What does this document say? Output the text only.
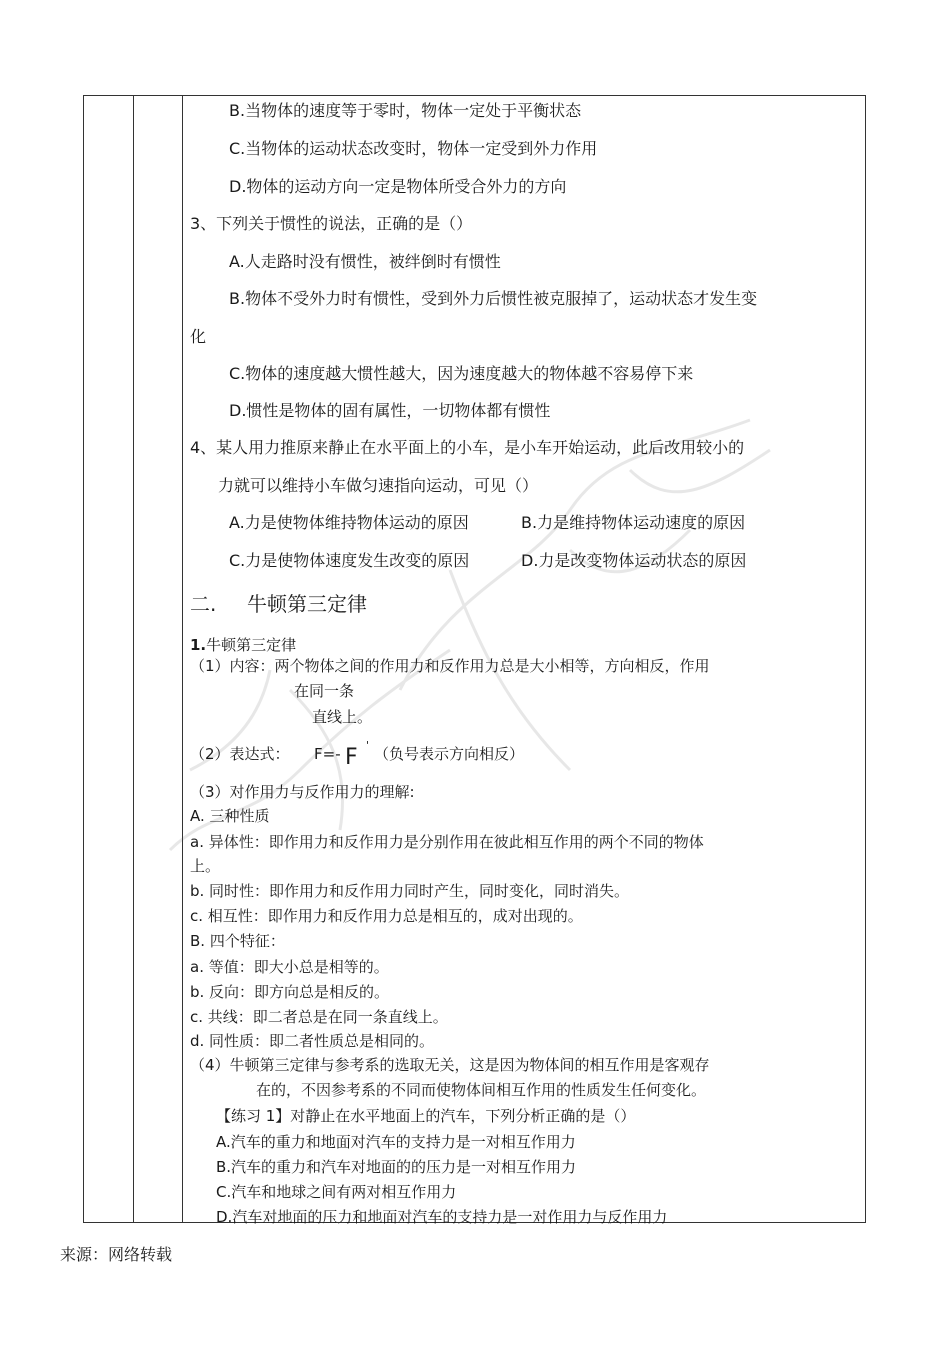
B.当物体的速度等于零时，物体一定处于平衡状态
C.当物体的运动状态改变时，物体一定受到外力作用
D.物体的运动方向一定是物体所受合外力的方向
3、下列关于惯性的说法，正确的是（）
A.人走路时没有惯性，被绊倒时有惯性
B.物体不受外力时有惯性，受到外力后惯性被克服掉了，运动状态才发生变
化
C.物体的速度越大惯性越大，因为速度越大的物体越不容易停下来
D.惯性是物体的固有属性，一切物体都有惯性
4、某人用力推原来静止在水平面上的小车，是小车开始运动，此后改用较小的
力就可以维持小车做匀速指向运动，可见（）
A.力是使物体维持物体运动的原因	B.力是维持物体运动速度的原因
C.力是使物体速度发生改变的原因	D.力是改变物体运动状态的原因
二. 牛顿第三定律
1.牛顿第三定律
（1）内容：两个物体之间的作用力和反作用力总是大小相等，方向相反，作用
在同一条
直线上。
（2）表达式： F=- F ' （负号表示方向相反）
（3）对作用力与反作用力的理解:
A. 三种性质
a. 异体性：即作用力和反作用力是分别作用在彼此相互作用的两个不同的物体
上。
b. 同时性：即作用力和反作用力同时产生，同时变化，同时消失。
c. 相互性：即作用力和反作用力总是相互的，成对出现的。
B. 四个特征：
a. 等值：即大小总是相等的。
b. 反向：即方向总是相反的。
c. 共线：即二者总是在同一条直线上。
d. 同性质：即二者性质总是相同的。
（4）牛顿第三定律与参考系的选取无关，这是因为物体间的相互作用是客观存
在的，不因参考系的不同而使物体间相互作用的性质发生任何变化。
【练习 1】对静止在水平地面上的汽车，下列分析正确的是（）
A.汽车的重力和地面对汽车的支持力是一对相互作用力
B.汽车的重力和汽车对地面的的压力是一对相互作用力
C.汽车和地球之间有两对相互作用力
D.汽车对地面的压力和地面对汽车的支持力是一对作用力与反作用力
来源：网络转载
